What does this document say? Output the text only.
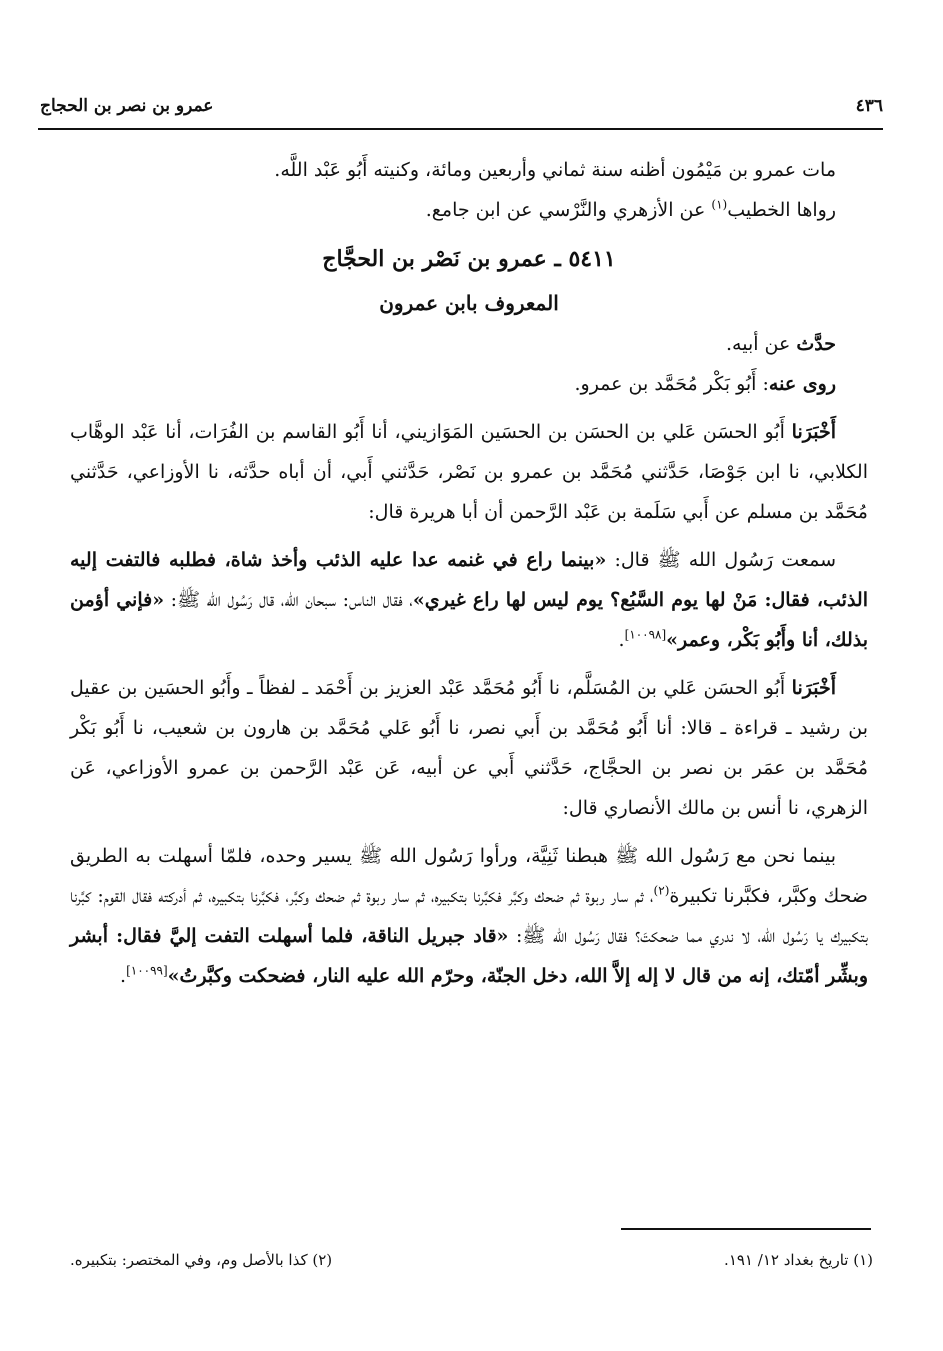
٤٣٦
عمرو بن نصر بن الحجاج

مات عمرو بن مَيْمُون أظنه سنة ثماني وأربعين ومائة، وكنيته أَبُو عَبْد اللَّه.

رواها الخطيب$^{(١)}$ عن الأزهري والنَّرْسي عن ابن جامع.

٥٤١١ ـ عمرو بن نَصْر بن الحجَّاج

المعروف بابن عمرون

حدَّث عن أبيه.

روى عنه: أَبُو بَكْر مُحَمَّد بن عمرو.

أَخْبَرَنا أَبُو الحسَن عَلي بن الحسَن بن الحسَين المَوَازيني، أنا أَبُو القاسم بن الفُرَات، أنا عَبْد الوهَّاب الكلابي، نا ابن جَوْصَا، حَدَّثني مُحَمَّد بن عمرو بن نَصْر، حَدَّثني أَبي، أن أباه حدَّثه، نا الأوزاعي، حَدَّثني مُحَمَّد بن مسلم عن أَبي سَلَمة بن عَبْد الرَّحمن أن أبا هريرة قال:

سمعت رَسُول الله ﷺ قال: «بينما راع في غنمه عدا عليه الذئب وأخذ شاة، فطلبه فالتفت إليه الذئب، فقال: مَنْ لها يوم السَّبُع؟ يوم ليس لها راع غيري»، فقال الناس: سبحان الله، قال رَسُول الله ﷺ: «فإني أؤمن بذلك، أنا وأَبُو بَكْر، وعمر»[١٠٠٩٨].

أَخْبَرَنا أَبُو الحسَن عَلي بن المُسَلَّم، نا أَبُو مُحَمَّد عَبْد العزيز بن أَحْمَد ـ لفظاً ـ وأَبُو الحسَين بن عقيل بن رشيد ـ قراءة ـ قالا: أنا أَبُو مُحَمَّد بن أَبي نصر، نا أَبُو عَلي مُحَمَّد بن هارون بن شعيب، نا أَبُو بَكْر مُحَمَّد بن عمَر بن نصر بن الحجَّاج، حَدَّثني أَبي عن أبيه، عَن عَبْد الرَّحمن بن عمرو الأوزاعي، عَن الزهري، نا أنس بن مالك الأنصاري قال:

بينما نحن مع رَسُول الله ﷺ هبطنا ثَنِيَّة، ورأوا رَسُول الله ﷺ يسير وحده، فلمّا أسهلت به الطريق ضحك وكبَّر، فكبَّرنا تكبيرة$^{(٢)}$، ثم سار ربوة ثم ضحك وكبَّر فكبَّرنا بتكبيره، ثم سار ربوة ثم ضحك وكبَّر، فكبَّرنا بتكبيره، ثم أدركته فقال القوم: كبَّرنا بتكبيرك يا رَسُول الله، لا ندري مما ضحكتَ؟ فقال رَسُول الله ﷺ: «قاد جبريل الناقة، فلما أسهلت التفت إليَّ فقال: أبشر وبشِّر أمّتك، إنه من قال لا إله إلاَّ الله، دخل الجنّة، وحرّم الله عليه النار، فضحكت وكبَّرتُ»[١٠٠٩٩].

(١) تاريخ بغداد ١٢/ ١٩١.
(٢) كذا بالأصل وم، وفي المختصر: بتكبيره.
